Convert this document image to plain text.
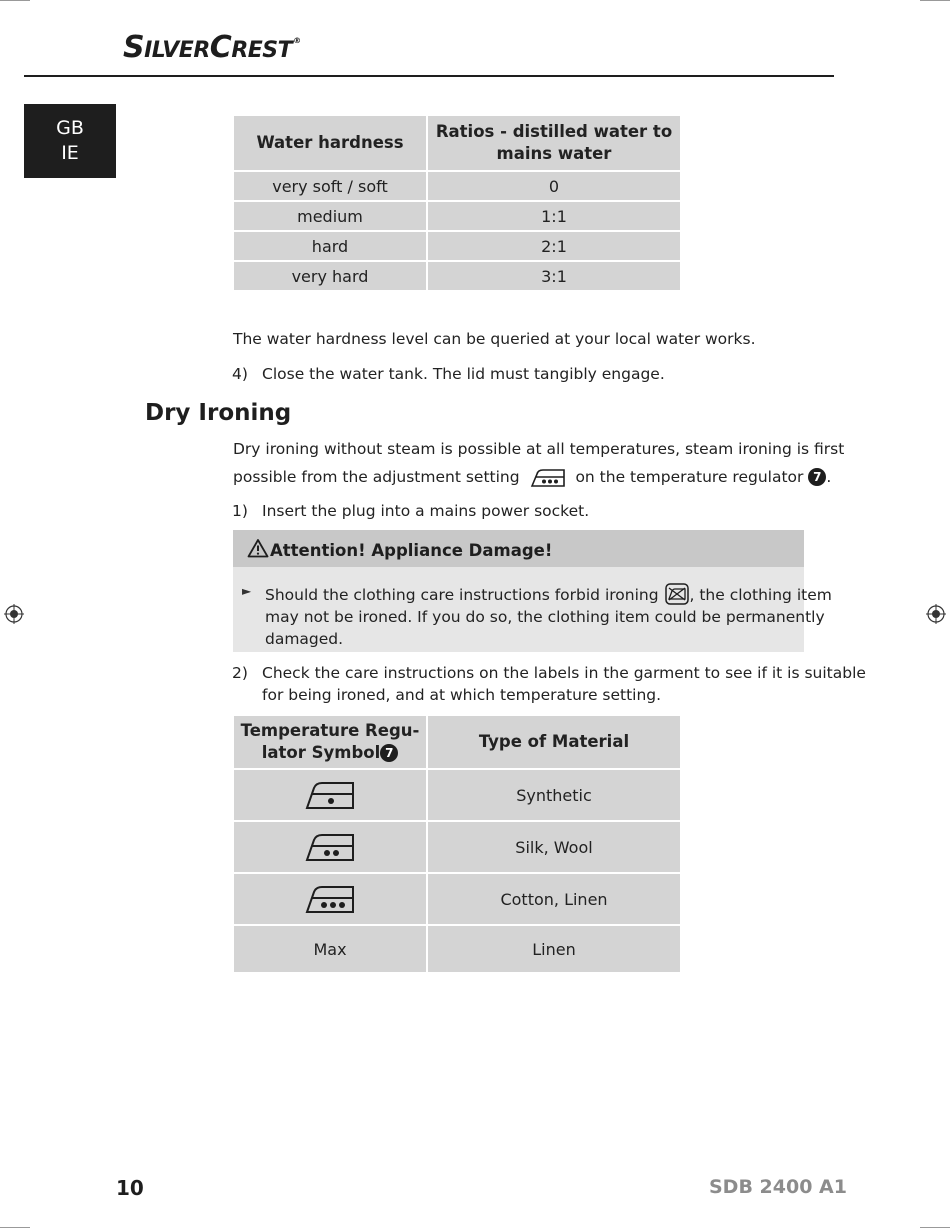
SILVERCREST®
GB
IE	Water hardness	Ratios - distilled water to mains water
very soft / soft	0
medium	1:1
hard	2:1
very hard	3:1
The water hardness level can be queried at your local water works.
4) Close the water tank. The lid must tangibly engage.
Dry Ironing
Dry ironing without steam is possible at all temperatures, steam ironing is first
possible from the adjustment setting	on the temperature regulator 7 .
1) Insert the plug into a mains power socket.
Attention! Appliance Damage!
► Should the clothing care instructions forbid ironing , the clothing item
may not be ironed. If you do so, the clothing item could be permanently
damaged.
2) Check the care instructions on the labels in the garment to see if it is suitable
for being ironed, and at which temperature setting.
Temperature Regu-
lator Symbol 7	Type of Material
	Synthetic
	Silk, Wool
	Cotton, Linen
Max	Linen
10	SDB 2400 A1
